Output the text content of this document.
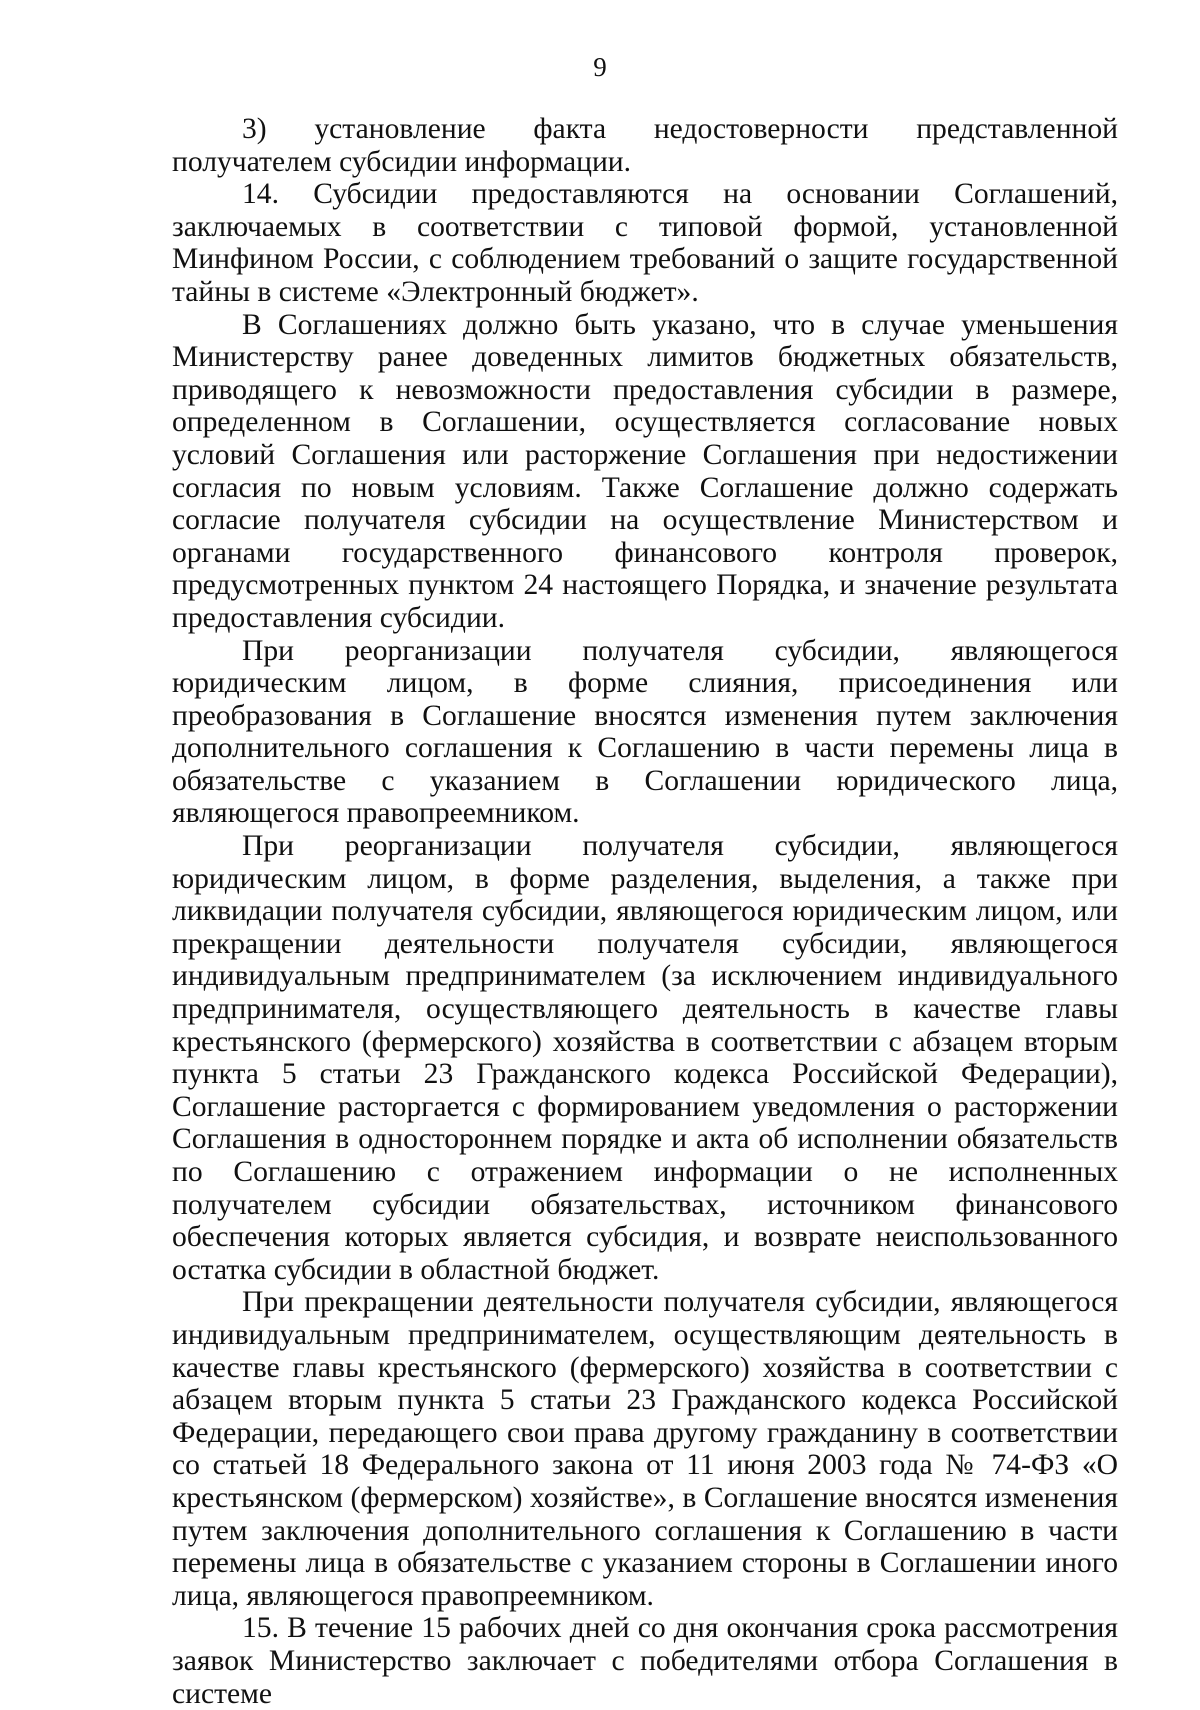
9

3) установление факта недостоверности представленной получателем субсидии информации.

14. Субсидии предоставляются на основании Соглашений, заключаемых в соответствии с типовой формой, установленной Минфином России, с соблюдением требований о защите государственной тайны в системе «Электронный бюджет».

В Соглашениях должно быть указано, что в случае уменьшения Министерству ранее доведенных лимитов бюджетных обязательств, приводящего к невозможности предоставления субсидии в размере, определенном в Соглашении, осуществляется согласование новых условий Соглашения или расторжение Соглашения при недостижении согласия по новым условиям. Также Соглашение должно содержать согласие получателя субсидии на осуществление Министерством и органами государственного финансового контроля проверок, предусмотренных пунктом 24 настоящего Порядка, и значение результата предоставления субсидии.

При реорганизации получателя субсидии, являющегося юридическим лицом, в форме слияния, присоединения или преобразования в Соглашение вносятся изменения путем заключения дополнительного соглашения к Соглашению в части перемены лица в обязательстве с указанием в Соглашении юридического лица, являющегося правопреемником.

При реорганизации получателя субсидии, являющегося юридическим лицом, в форме разделения, выделения, а также при ликвидации получателя субсидии, являющегося юридическим лицом, или прекращении деятельности получателя субсидии, являющегося индивидуальным предпринимателем (за исключением индивидуального предпринимателя, осуществляющего деятельность в качестве главы крестьянского (фермерского) хозяйства в соответствии с абзацем вторым пункта 5 статьи 23 Гражданского кодекса Российской Федерации), Соглашение расторгается с формированием уведомления о расторжении Соглашения в одностороннем порядке и акта об исполнении обязательств по Соглашению с отражением информации о не исполненных получателем субсидии обязательствах, источником финансового обеспечения которых является субсидия, и возврате неиспользованного остатка субсидии в областной бюджет.

При прекращении деятельности получателя субсидии, являющегося индивидуальным предпринимателем, осуществляющим деятельность в качестве главы крестьянского (фермерского) хозяйства в соответствии с абзацем вторым пункта 5 статьи 23 Гражданского кодекса Российской Федерации, передающего свои права другому гражданину в соответствии со статьей 18 Федерального закона от 11 июня 2003 года № 74-ФЗ «О крестьянском (фермерском) хозяйстве», в Соглашение вносятся изменения путем заключения дополнительного соглашения к Соглашению в части перемены лица в обязательстве с указанием стороны в Соглашении иного лица, являющегося правопреемником.

15. В течение 15 рабочих дней со дня окончания срока рассмотрения заявок Министерство заключает с победителями отбора Соглашения в системе
